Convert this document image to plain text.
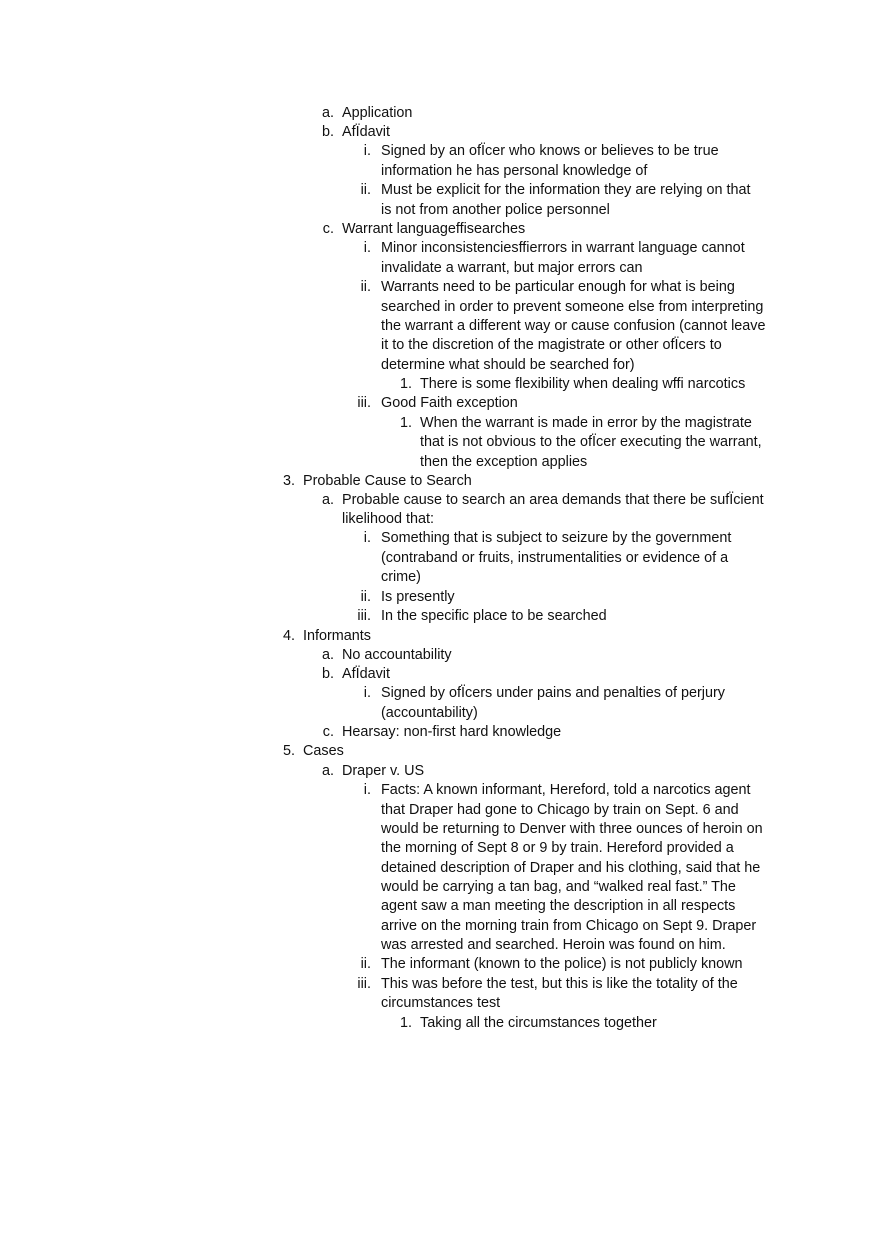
a. Application
b. AfÏdavit
i. Signed by an ofÏcer who knows or believes to be true
information he has personal knowledge of
ii. Must be explicit for the information they are relying on that
is not from another police personnel
c. Warrant languageffisearches
i. Minor inconsistenciesffierrors in warrant language cannot
invalidate a warrant, but major errors can
ii. Warrants need to be particular enough for what is being
searched in order to prevent someone else from interpreting
the warrant a different way or cause confusion (cannot leave
it to the discretion of the magistrate or other ofÏcers to
determine what should be searched for)
1. There is some flexibility when dealing wffi narcotics
iii. Good Faith exception
1. When the warrant is made in error by the magistrate
that is not obvious to the ofÏcer executing the warrant,
then the exception applies
3. Probable Cause to Search
a. Probable cause to search an area demands that there be sufÏcient
likelihood that:
i. Something that is subject to seizure by the government
(contraband or fruits, instrumentalities or evidence of a
crime)
ii. Is presently
iii. In the specific place to be searched
4. Informants
a. No accountability
b. AfÏdavit
i. Signed by ofÏcers under pains and penalties of perjury
(accountability)
c. Hearsay: non-first hard knowledge
5. Cases
a. Draper v. US
i. Facts: A known informant, Hereford, told a narcotics agent
that Draper had gone to Chicago by train on Sept. 6 and
would be returning to Denver with three ounces of heroin on
the morning of Sept 8 or 9 by train. Hereford provided a
detained description of Draper and his clothing, said that he
would be carrying a tan bag, and “walked real fast.” The
agent saw a man meeting the description in all respects
arrive on the morning train from Chicago on Sept 9. Draper
was arrested and searched. Heroin was found on him.
ii. The informant (known to the police) is not publicly known
iii. This was before the test, but this is like the totality of the
circumstances test
1. Taking all the circumstances together
